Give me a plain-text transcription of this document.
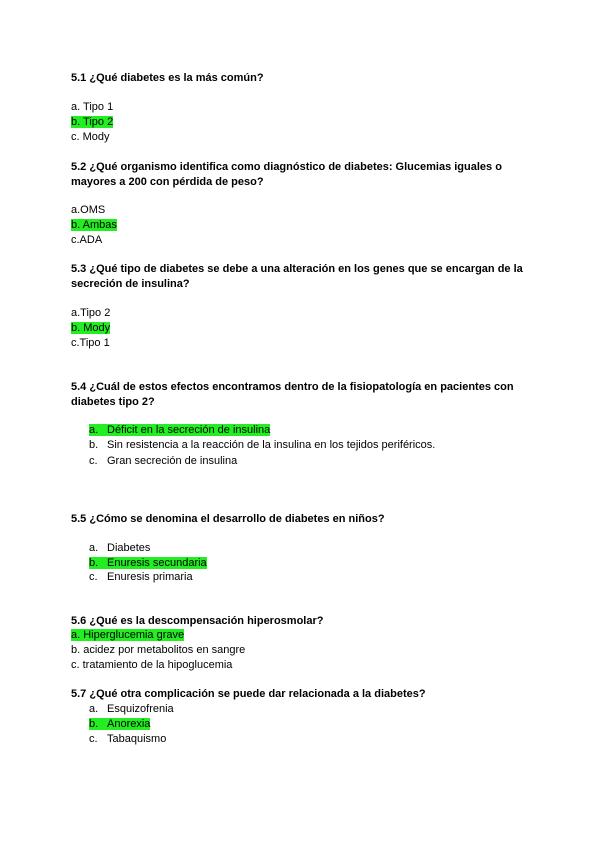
5.1 ¿Qué diabetes es la más común?

a. Tipo 1
b. Tipo 2
c. Mody

5.2 ¿Qué organismo identifica como diagnóstico de diabetes: Glucemias iguales o mayores a 200 con pérdida de peso?

a.OMS
b. Ambas
c.ADA

5.3 ¿Qué tipo de diabetes se debe a una alteración en los genes que se encargan de la secreción de insulina?

a.Tipo 2
b. Mody
c.Tipo 1

5.4 ¿Cuál de estos efectos encontramos dentro de la fisiopatología en pacientes con diabetes tipo 2?

a. Déficit en la secreción de insulina
b. Sin resistencia a la reacción de la insulina en los tejidos periféricos.
c. Gran secreción de insulina

5.5 ¿Cómo se denomina el desarrollo de diabetes en niños?

a. Diabetes
b. Enuresis secundaria
c. Enuresis primaria

5.6 ¿Qué es la descompensación hiperosmolar?

a. Hiperglucemia grave
b. acidez por metabolitos en sangre
c. tratamiento de la hipoglucemia

5.7 ¿Qué otra complicación se puede dar relacionada a la diabetes?

a. Esquizofrenia
b. Anorexia
c. Tabaquismo
